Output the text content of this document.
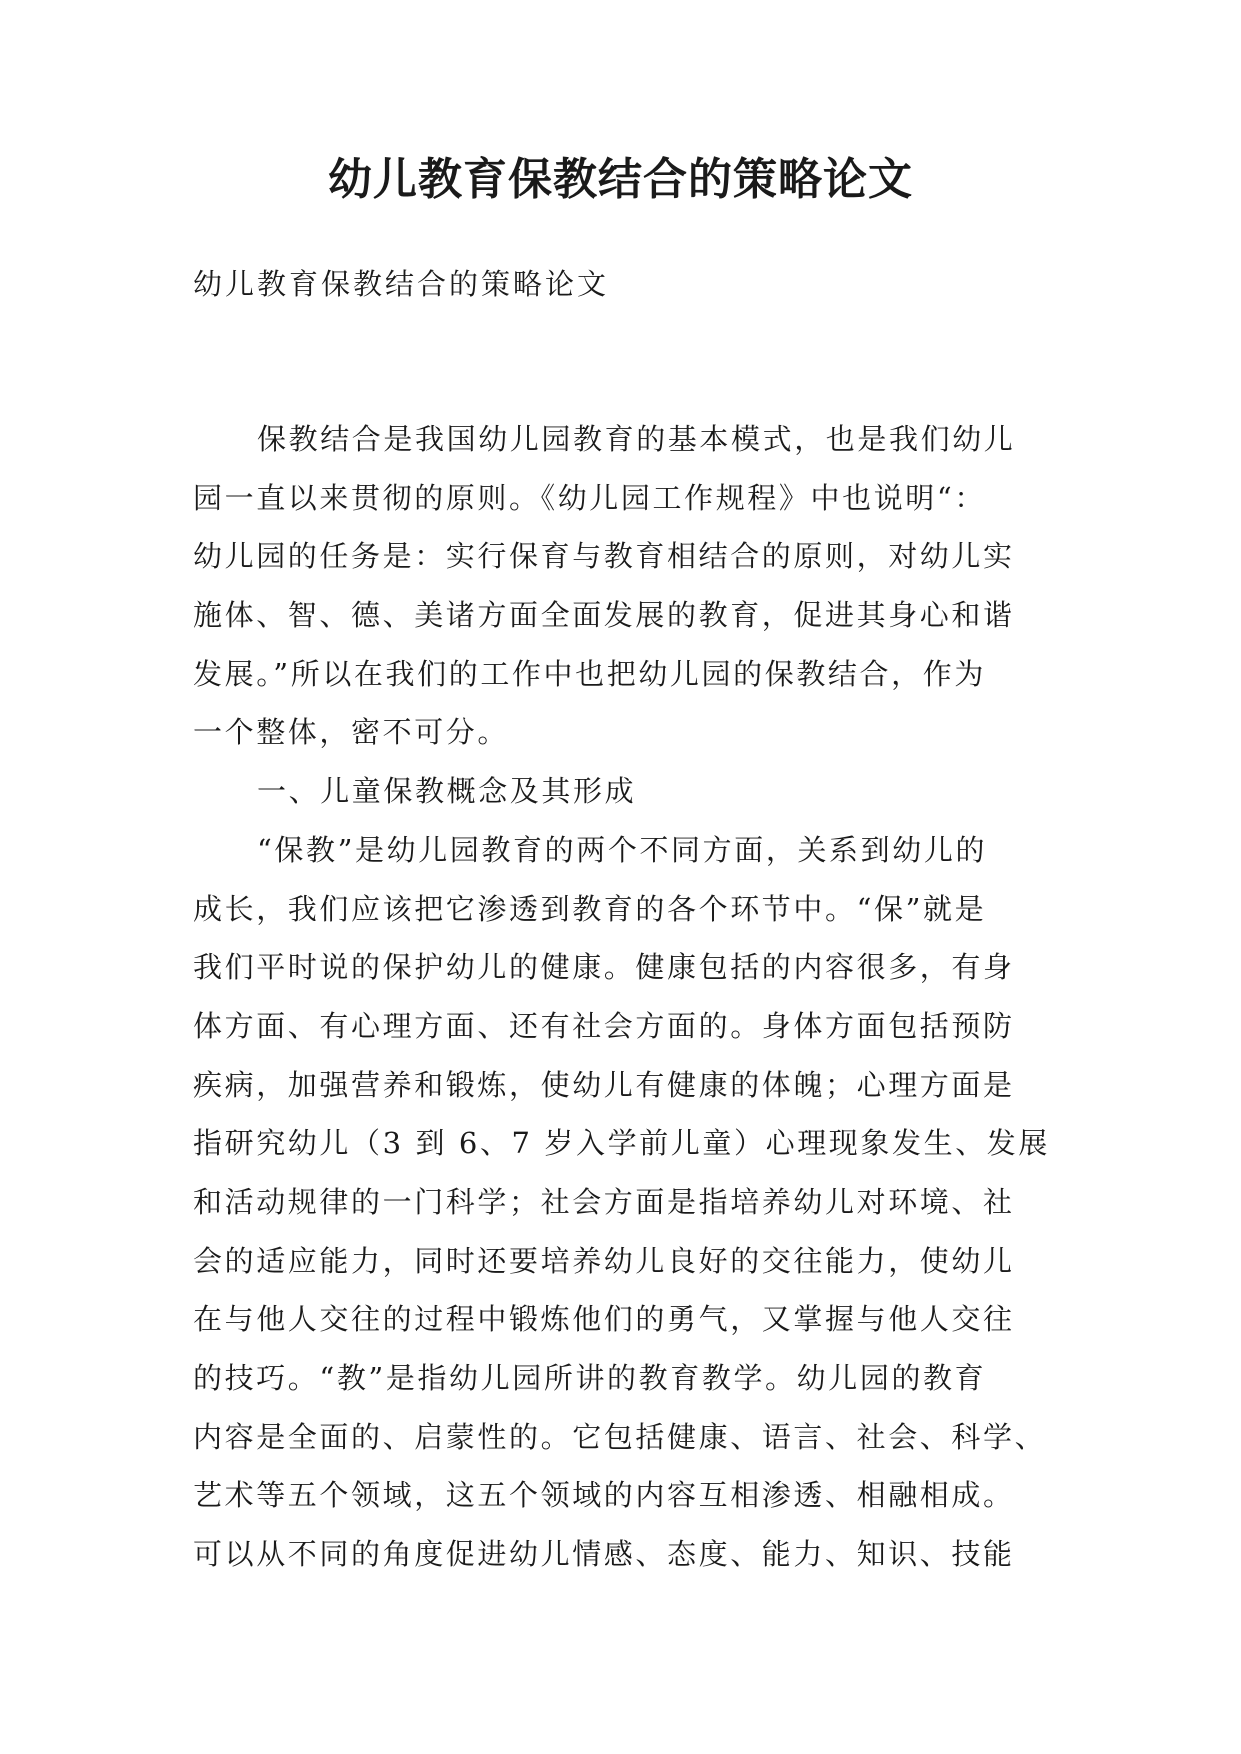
幼儿教育保教结合的策略论文

幼儿教育保教结合的策略论文

保教结合是我国幼儿园教育的基本模式，也是我们幼儿
园一直以来贯彻的原则。《幼儿园工作规程》中也说明“：
幼儿园的任务是：实行保育与教育相结合的原则，对幼儿实
施体、智、德、美诸方面全面发展的教育，促进其身心和谐
发展。”所以在我们的工作中也把幼儿园的保教结合，作为
一个整体，密不可分。
一、儿童保教概念及其形成
“保教”是幼儿园教育的两个不同方面，关系到幼儿的
成长，我们应该把它渗透到教育的各个环节中。“保”就是
我们平时说的保护幼儿的健康。健康包括的内容很多，有身
体方面、有心理方面、还有社会方面的。身体方面包括预防
疾病，加强营养和锻炼，使幼儿有健康的体魄；心理方面是
指研究幼儿（3 到 6、7 岁入学前儿童）心理现象发生、发展
和活动规律的一门科学；社会方面是指培养幼儿对环境、社
会的适应能力，同时还要培养幼儿良好的交往能力，使幼儿
在与他人交往的过程中锻炼他们的勇气，又掌握与他人交往
的技巧。“教”是指幼儿园所讲的教育教学。幼儿园的教育
内容是全面的、启蒙性的。它包括健康、语言、社会、科学、
艺术等五个领域，这五个领域的内容互相渗透、相融相成。
可以从不同的角度促进幼儿情感、态度、能力、知识、技能
